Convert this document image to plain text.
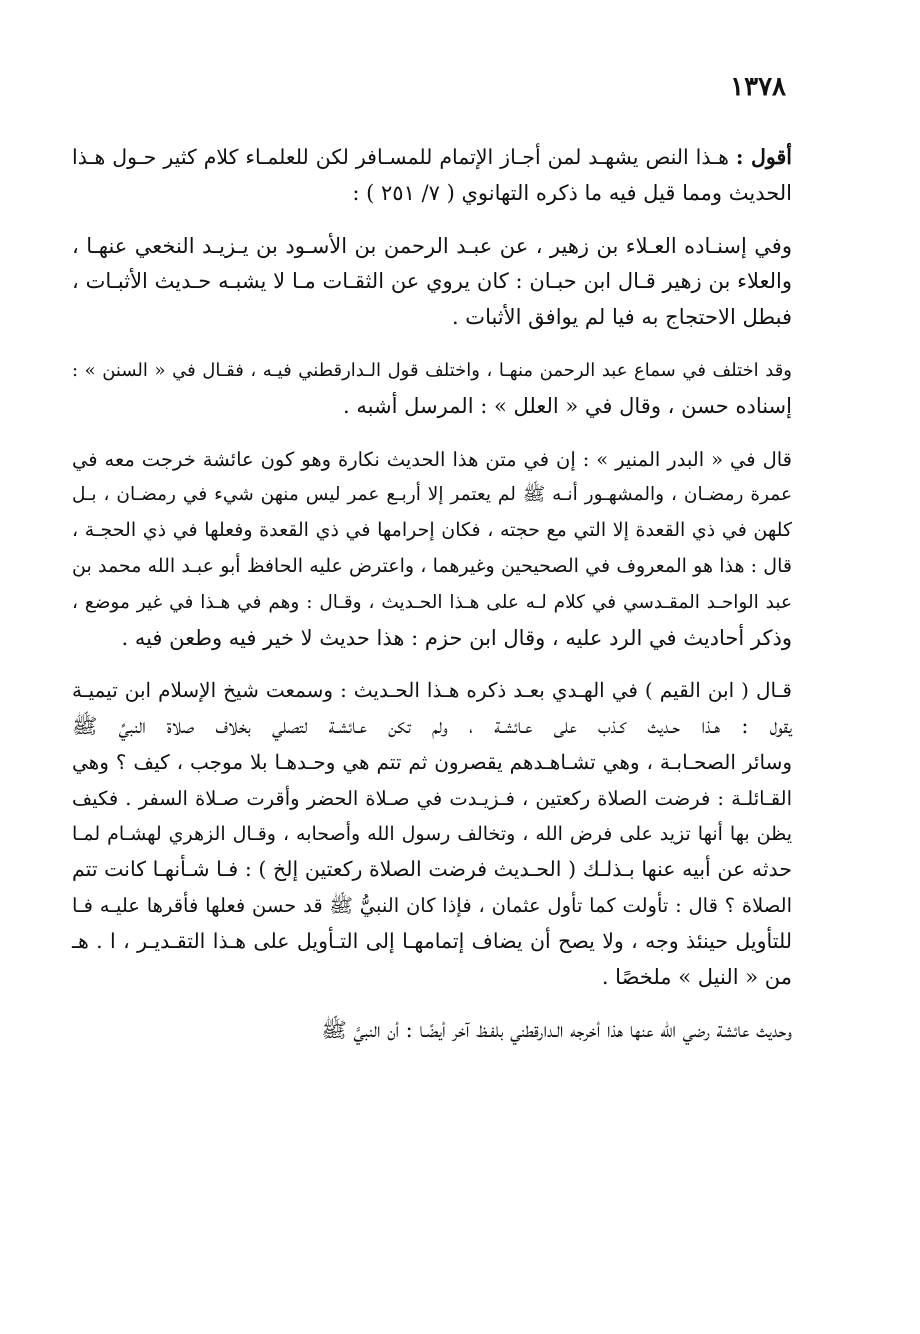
١٣٧٨
أقول : هـذا النص يشهـد لمن أجـاز الإتمام للمسـافر لكن للعلمـاء كلام كثير حـول هـذا
الحديث ومما قيل فيه ما ذكره التهانوي ( ٧/ ٢٥١ ) :
وفي إسنـاده العـلاء بن زهير ، عن عبـد الرحمن بن الأسـود بن يـزيـد النخعي عنهـا ،
والعلاء بن زهير قـال ابن حبـان : كان يروي عن الثقـات مـا لا يشبـه حـديث الأثبـات ،
فبطل الاحتجاج به فيا لم يوافق الأثبات .
وقد اختلف في سماع عبد الرحمن منهـا ، واختلف قول الـدارقطني فيـه ، فقـال في « السنن » :
إسناده حسن ، وقال في « العلل » : المرسل أشبه .
قال في « البدر المنير » : إن في متن هذا الحديث نكارة وهو كون عائشة خرجت معه في
عمرة رمضـان ، والمشهـور أنـه ﷺ لم يعتمر إلا أربـع عمر ليس منهن شيء في رمضـان ، بـل
كلهن في ذي القعدة إلا التي مع حجته ، فكان إحرامها في ذي القعدة وفعلها في ذي الحجـة ،
قال : هذا هو المعروف في الصحيحين وغيرهما ، واعترض عليه الحافظ أبو عبـد الله محمد بن
عبد الواحـد المقـدسي في كلام لـه على هـذا الحـديث ، وقـال : وهم في هـذا في غير موضع ،
وذكر أحاديث في الرد عليه ، وقال ابن حزم : هذا حديث لا خير فيه وطعن فيه .
قـال ( ابن القيم ) في الهـدي بعـد ذكره هـذا الحـديث : وسمعت شيخ الإسلام ابن تيميـة
يقول : هـذا حـديث كـذب على عـائشـة ، ولم تكن عـائشـة لتصلي بخلاف صلاة النبيِّ ﷺ
وسائر الصحـابـة ، وهي تشـاهـدهم يقصرون ثم تتم هي وحـدهـا بلا موجب ، كيف ؟ وهي
القـائلـة : فرضت الصلاة ركعتين ، فـزيـدت في صـلاة الحضر وأقرت صـلاة السفر . فكيف
يظن بها أنها تزيد على فرض الله ، وتخالف رسول الله وأصحابه ، وقـال الزهري لهشـام لمـا
حدثه عن أبيه عنها بـذلـك ( الحـديث فرضت الصلاة ركعتين إلخ ) : فـا شـأنهـا كانت تتم
الصلاة ؟ قال : تأولت كما تأول عثمان ، فإذا كان النبيُّ ﷺ قد حسن فعلها فأقرها عليـه فـا
للتأويل حينئذ وجه ، ولا يصح أن يضاف إتمامهـا إلى التـأويل على هـذا التقـديـر ، ا . هـ
من « النيل » ملخصًا .
وحديث عائشة رضي الله عنها هذا أخرجه الـدارقطني بلفـظ آخر أيضًـا : أن النبيَّ ﷺ
